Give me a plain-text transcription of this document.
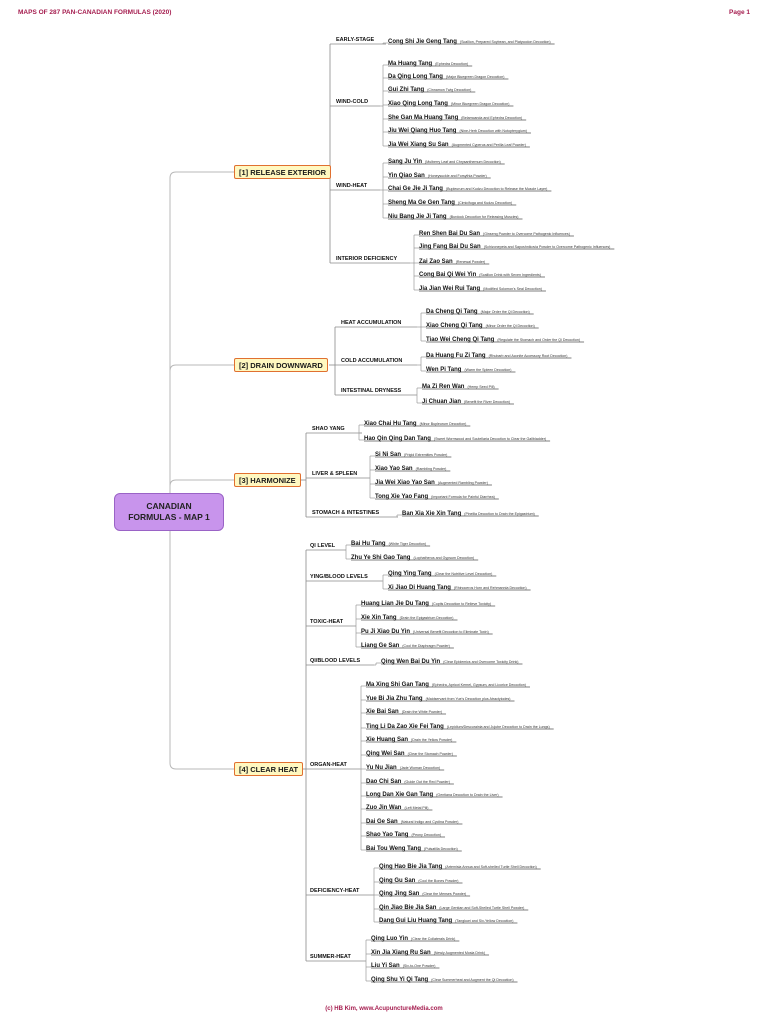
MAPS OF 287 PAN-CANADIAN FORMULAS (2020)	Page 1
CANADIAN FORMULAS - MAP 1
[1] RELEASE EXTERIOR
EARLY-STAGE Cong Shi Jie Geng Tang (Scallion, Prepared Soybean, and Platycodon Decoction)
WIND-COLD
Ma Huang Tang (Ephedra Decoction)
Da Qing Long Tang (Major Bluegreen Dragon Decoction)
Gui Zhi Tang (Cinnamon Twig Decoction)
Xiao Qing Long Tang (Minor Bluegreen Dragon Decoction)
She Gan Ma Huang Tang (Belamcanda and Ephedra Decoction)
Jiu Wei Qiang Huo Tang (Nine-Herb Decoction with Notopterygium)
Jia Wei Xiang Su San (Augmented Cyperus and Perilla Leaf Powder)
WIND-HEAT
Sang Ju Yin (Mulberry Leaf and Chrysanthemum Decoction)
Yin Qiao San (Honeysuckle and Forsythia Powder)
Chai Ge Jie Ji Tang (Bupleurum and Kudzu Decoction to Release the Muscle Layer)
Sheng Ma Ge Gen Tang (Cimicifuga and Kudzu Decoction)
Niu Bang Jie Ji Tang (Burdock Decoction for Releasing Muscles)
INTERIOR DEFICIENCY
Ren Shen Bai Du San (Ginseng Powder to Overcome Pathogenic Influences)
Jing Fang Bai Du San (Schizonepeta and Saposhnikovia Powder to Overcome Pathogenic Influences)
Zai Zao San (Renewal Powder)
Cong Bai Qi Wei Yin (Scallion Drink with Seven Ingredients)
Jia Jian Wei Rui Tang (Modified Solomon's Seal Decoction)
[2] DRAIN DOWNWARD
HEAT ACCUMULATION
Da Cheng Qi Tang (Major Order the Qi Decoction)
Xiao Cheng Qi Tang (Minor Order the Qi Decoction)
Tiao Wei Cheng Qi Tang (Regulate the Stomach and Order the Qi Decoction)
COLD ACCUMULATION
Da Huang Fu Zi Tang (Rhubarb and Aconite Accessory Root Decoction)
Wen Pi Tang (Warm the Spleen Decoction)
INTESTINAL DRYNESS
Ma Zi Ren Wan (Hemp Seed Pill)
Ji Chuan Jian (Benefit the River Decoction)
[3] HARMONIZE
SHAO YANG
Xiao Chai Hu Tang (Minor Bupleurum Decoction)
Hao Qin Qing Dan Tang (Sweet Wormwood and Scutellaria Decoction to Clear the Gallbladder)
LIVER & SPLEEN
Si Ni San (Frigid Extremities Powder)
Xiao Yao San (Rambling Powder)
Jia Wei Xiao Yao San (Augmented Rambling Powder)
Tong Xie Yao Fang (Important Formula for Painful Diarrhea)
STOMACH & INTESTINES	Ban Xia Xie Xin Tang (Pinellia Decoction to Drain the Epigastrium)
[4] CLEAR HEAT
QI LEVEL	Bai Hu Tang (White Tiger Decoction)
Zhu Ye Shi Gao Tang (Lophatherus and Gypsum Decoction)
YING/BLOOD LEVELS	Qing Ying Tang (Clear the Nutritive Level Decoction)
Xi Jiao Di Huang Tang (Rhinoceros Horn and Rehmannia Decoction)
TOXIC-HEAT
Huang Lian Jie Du Tang (Coptis Decoction to Relieve Toxicity)
Xie Xin Tang (Drain the Epigastrium Decoction)
Pu Ji Xiao Du Yin (Universal Benefit Decoction to Eliminate Toxin)
Liang Ge San (Cool the Diaphragm Powder)
QI/BLOOD LEVELS	Qing Wen Bai Du Yin (Clear Epidemics and Overcome Toxicity Drink)
ORGAN-HEAT
Ma Xing Shi Gan Tang (Ephedra, Apricot Kernel, Gypsum, and Licorice Decoction)
Yue Bi Jia Zhu Tang (Maidservant from Yue's Decoction plus Atractylodes)
Xie Bai San (Drain the White Powder)
Ting Li Da Zao Xie Fei Tang (Lepidium/Descurainia and Jujube Decoction to Drain the Lungs)
Xie Huang San (Drain the Yellow Powder)
Qing Wei San (Clear the Stomach Powder)
Yu Nu Jian (Jade Woman Decoction)
Dao Chi San (Guide Out the Red Powder)
Long Dan Xie Gan Tang (Gentiana Decoction to Drain the Liver)
Zuo Jin Wan (Left Metal Pill)
Dai Ge San (Natural Indigo and Cyclina Powder)
Shao Yao Tang (Peony Decoction)
Bai Tou Weng Tang (Pulsatilla Decoction)
DEFICIENCY-HEAT
Qing Hao Bie Jia Tang (Artemisia Annua and Soft-shelled Turtle Shell Decoction)
Qing Gu San (Cool the Bones Powder)
Qing Jing San (Clear the Menses Powder)
Qin Jiao Bie Jia San (Large Gentian and Soft-Shelled Turtle Shell Powder)
Dang Gui Liu Huang Tang (Tangkuei and Six-Yellow Decoction)
SUMMER-HEAT
Qing Luo Yin (Clear the Collaterals Drink)
Xin Jia Xiang Ru San (Newly Augmented Mosla Drink)
Liu Yi San (Six-to-One Powder)
Qing Shu Yi Qi Tang (Clear Summerheat and Augment the Qi Decoction)
(c) HB Kim, www.AcupunctureMedia.com
